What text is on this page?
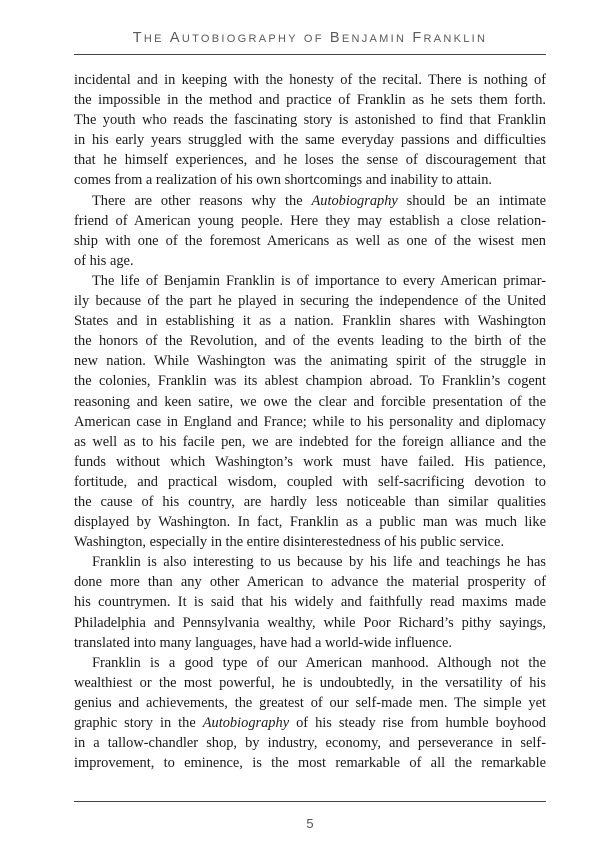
THE AUTOBIOGRAPHY OF BENJAMIN FRANKLIN
incidental and in keeping with the honesty of the recital. There is nothing of
the impossible in the method and practice of Franklin as he sets them forth.
The youth who reads the fascinating story is astonished to find that Franklin
in his early years struggled with the same everyday passions and difficulties
that he himself experiences, and he loses the sense of discouragement that
comes from a realization of his own shortcomings and inability to attain.
There are other reasons why the Autobiography should be an intimate
friend of American young people. Here they may establish a close relation-
ship with one of the foremost Americans as well as one of the wisest men
of his age.
The life of Benjamin Franklin is of importance to every American primar-
ily because of the part he played in securing the independence of the United
States and in establishing it as a nation. Franklin shares with Washington
the honors of the Revolution, and of the events leading to the birth of the
new nation. While Washington was the animating spirit of the struggle in
the colonies, Franklin was its ablest champion abroad. To Franklin’s cogent
reasoning and keen satire, we owe the clear and forcible presentation of the
American case in England and France; while to his personality and diplomacy
as well as to his facile pen, we are indebted for the foreign alliance and the
funds without which Washington’s work must have failed. His patience,
fortitude, and practical wisdom, coupled with self-sacrificing devotion to
the cause of his country, are hardly less noticeable than similar qualities
displayed by Washington. In fact, Franklin as a public man was much like
Washington, especially in the entire disinterestedness of his public service.
Franklin is also interesting to us because by his life and teachings he has
done more than any other American to advance the material prosperity of
his countrymen. It is said that his widely and faithfully read maxims made
Philadelphia and Pennsylvania wealthy, while Poor Richard’s pithy sayings,
translated into many languages, have had a world-wide influence.
Franklin is a good type of our American manhood. Although not the
wealthiest or the most powerful, he is undoubtedly, in the versatility of his
genius and achievements, the greatest of our self-made men. The simple yet
graphic story in the Autobiography of his steady rise from humble boyhood
in a tallow-chandler shop, by industry, economy, and perseverance in self-
improvement, to eminence, is the most remarkable of all the remarkable
5
